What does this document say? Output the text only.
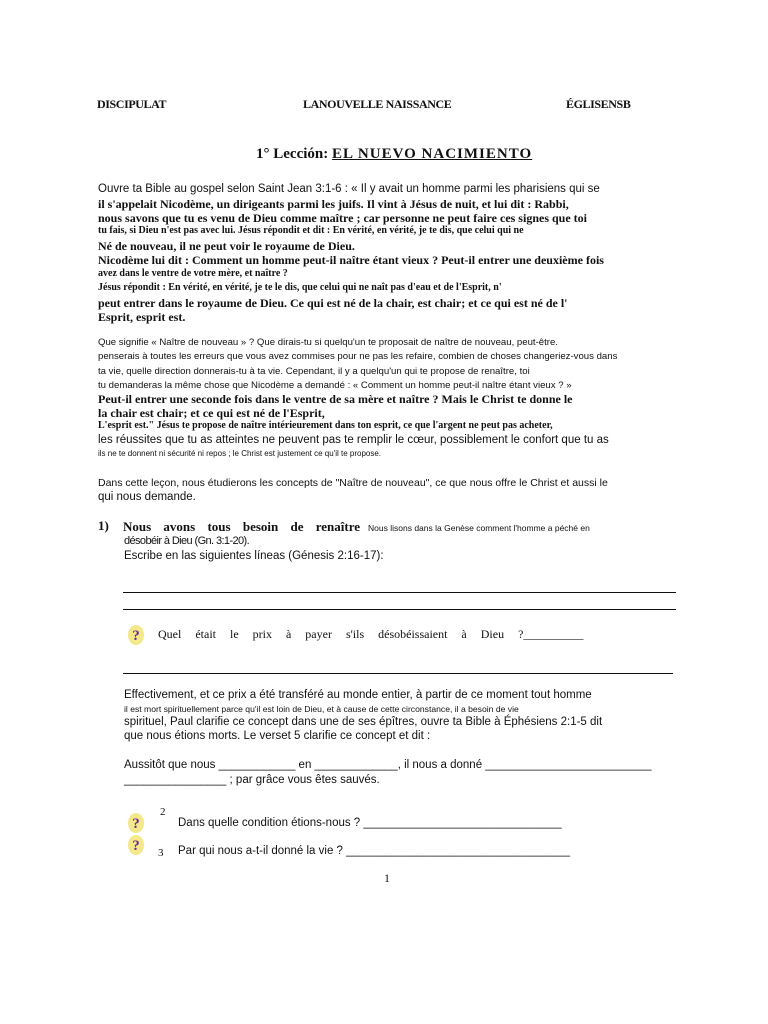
DISCIPULAT	LANOUVELLE NAISSANCE	ÉGLISENSB
1° Lección: EL NUEVO NACIMIENTO
Ouvre ta Bible au gospel selon Saint Jean 3:1-6 : « Il y avait un homme parmi les pharisiens qui se
il s'appelait Nicodème, un dirigeants parmi les juifs. Il vint à Jésus de nuit, et lui dit : Rabbi,
nous savons que tu es venu de Dieu comme maître ; car personne ne peut faire ces signes que toi
tu fais, si Dieu n'est pas avec lui. Jésus répondit et dit : En vérité, en vérité, je te dis, que celui qui ne
Né de nouveau, il ne peut voir le royaume de Dieu.
Nicodème lui dit : Comment un homme peut-il naître étant vieux ? Peut-il entrer une deuxième fois
avez dans le ventre de votre mère, et naître ?
Jésus répondit : En vérité, en vérité, je te le dis, que celui qui ne naît pas d'eau et de l'Esprit, n'
peut entrer dans le royaume de Dieu. Ce qui est né de la chair, est chair; et ce qui est né de l'
Esprit, esprit est.
Que signifie « Naître de nouveau » ? Que dirais-tu si quelqu'un te proposait de naître de nouveau, peut-être.
penserais à toutes les erreurs que vous avez commises pour ne pas les refaire, combien de choses changeriez-vous dans
ta vie, quelle direction donnerais-tu à ta vie. Cependant, il y a quelqu'un qui te propose de renaître, toi
tu demanderas la même chose que Nicodème a demandé : « Comment un homme peut-il naître étant vieux ? »
Peut-il entrer une seconde fois dans le ventre de sa mère et naître ? Mais le Christ te donne le
la chair est chair; et ce qui est né de l'Esprit,
L'esprit est." Jésus te propose de naître intérieurement dans ton esprit, ce que l'argent ne peut pas acheter,
les réussites que tu as atteintes ne peuvent pas te remplir le cœur, possiblement le confort que tu as
ils ne te donnent ni sécurité ni repos ; le Christ est justement ce qu'il te propose.
Dans cette leçon, nous étudierons les concepts de "Naître de nouveau", ce que nous offre le Christ et aussi le
qui nous demande.
1) Nous avons tous besoin de renaître Nous lisons dans la Genèse comment l'homme a péché en
désobéir à Dieu (Gn. 3:1-20).
Escribe en las siguientes líneas (Génesis 2:16-17):
? Quel était le prix à payer s'ils désobéissaient à Dieu ?__________
Effectivement, et ce prix a été transféré au monde entier, à partir de ce moment tout homme
il est mort spirituellement parce qu'il est loin de Dieu, et à cause de cette circonstance, il a besoin de vie
spirituel, Paul clarifie ce concept dans une de ses épîtres, ouvre ta Bible à Éphésiens 2:1-5 dit
que nous étions morts. Le verset 5 clarifie ce concept et dit :
Aussitôt que nous ____________ en _____________, il nous a donné __________________________
________________ ; par grâce vous êtes sauvés.
?
2
Dans quelle condition étions-nous ? _______________________________
? 3 Par qui nous a-t-il donné la vie ? ___________________________________
1
